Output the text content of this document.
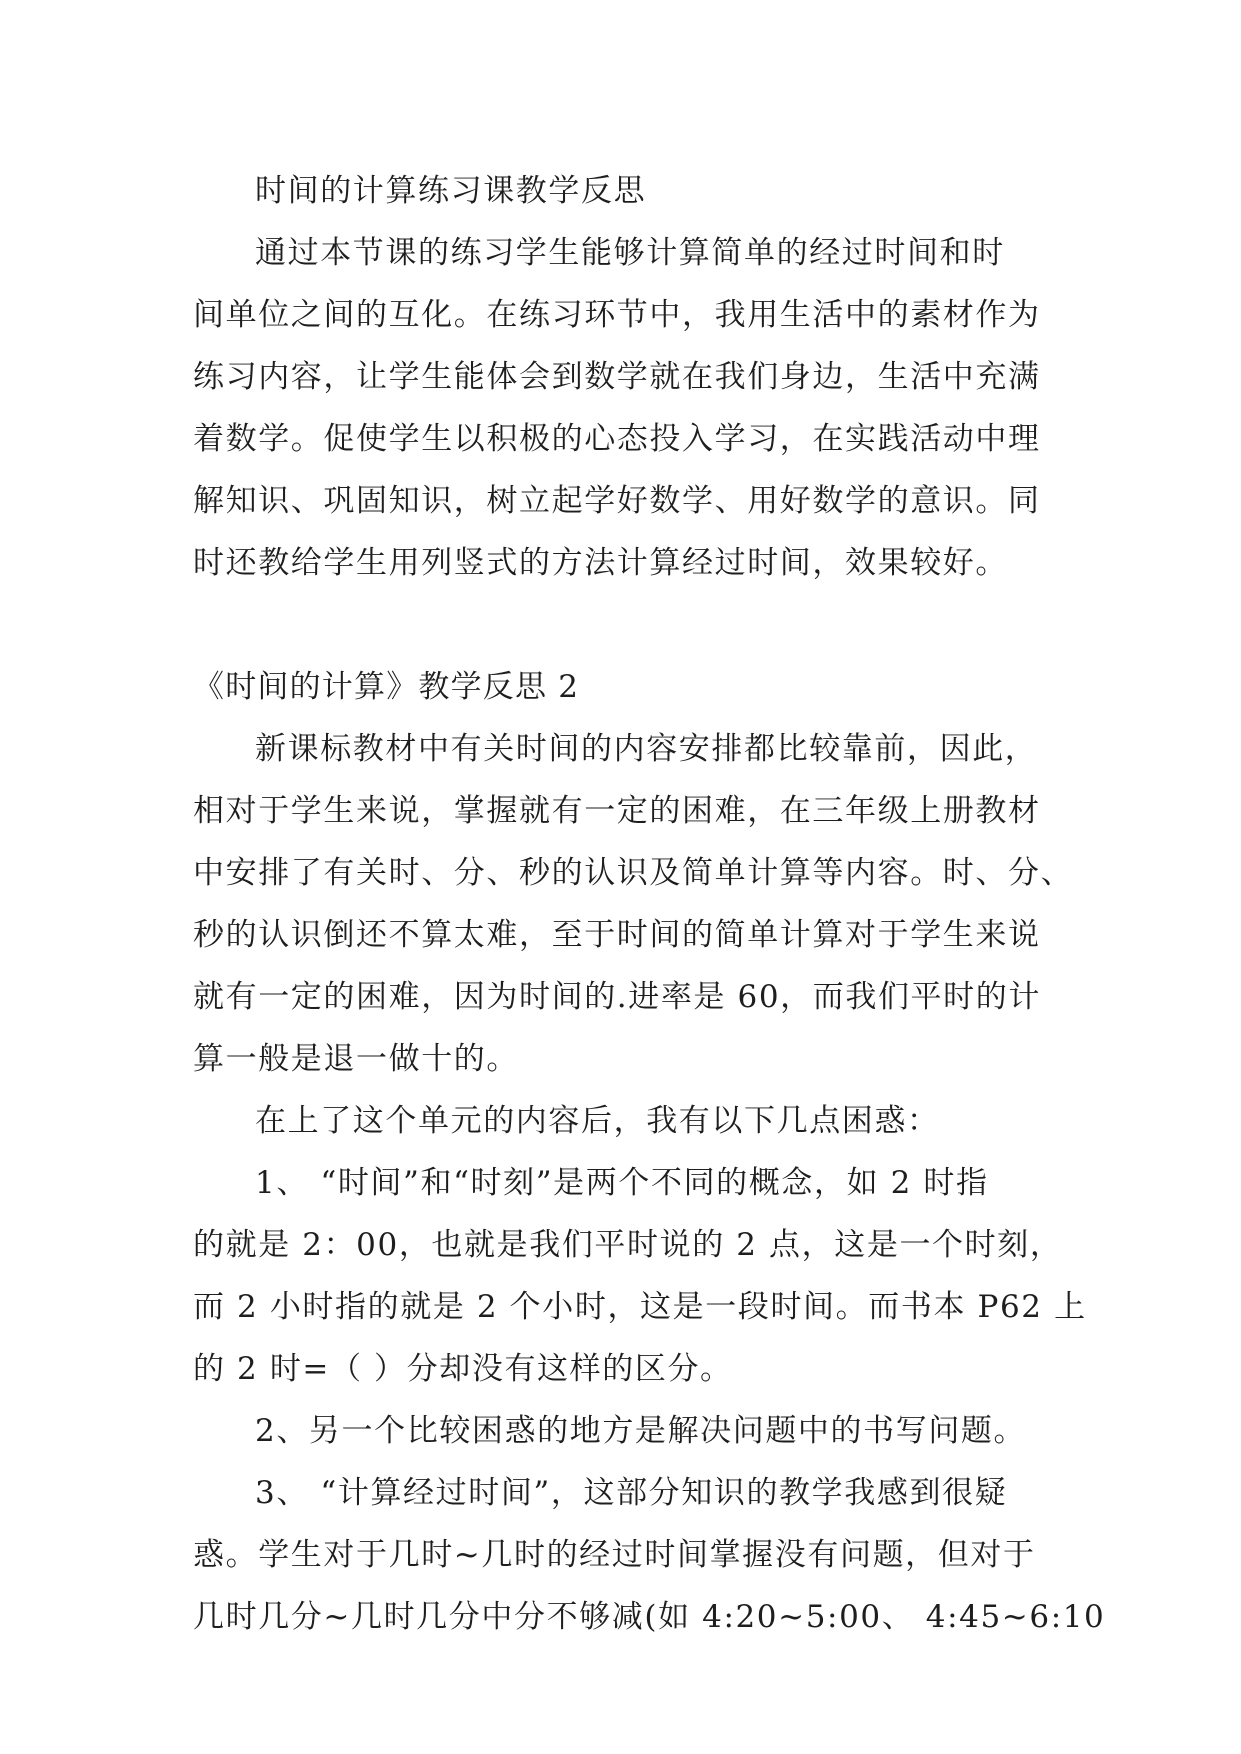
时间的计算练习课教学反思
通过本节课的练习学生能够计算简单的经过时间和时
间单位之间的互化。在练习环节中，我用生活中的素材作为
练习内容，让学生能体会到数学就在我们身边，生活中充满
着数学。促使学生以积极的心态投入学习，在实践活动中理
解知识、巩固知识，树立起学好数学、用好数学的意识。同
时还教给学生用列竖式的方法计算经过时间，效果较好。
《时间的计算》教学反思 2
新课标教材中有关时间的内容安排都比较靠前，因此，
相对于学生来说，掌握就有一定的困难，在三年级上册教材
中安排了有关时、分、秒的认识及简单计算等内容。时、分、
秒的认识倒还不算太难，至于时间的简单计算对于学生来说
就有一定的困难，因为时间的.进率是 60，而我们平时的计
算一般是退一做十的。
在上了这个单元的内容后，我有以下几点困惑：
1、 “时间”和“时刻”是两个不同的概念，如 2 时指
的就是 2：00，也就是我们平时说的 2 点，这是一个时刻，
而 2 小时指的就是 2 个小时，这是一段时间。而书本 P62 上
的 2 时=（ ）分却没有这样的区分。
2、另一个比较困惑的地方是解决问题中的书写问题。
3、 “计算经过时间”，这部分知识的教学我感到很疑
惑。学生对于几时~几时的经过时间掌握没有问题，但对于
几时几分~几时几分中分不够减(如 4:20~5:00、 4:45~6:10
